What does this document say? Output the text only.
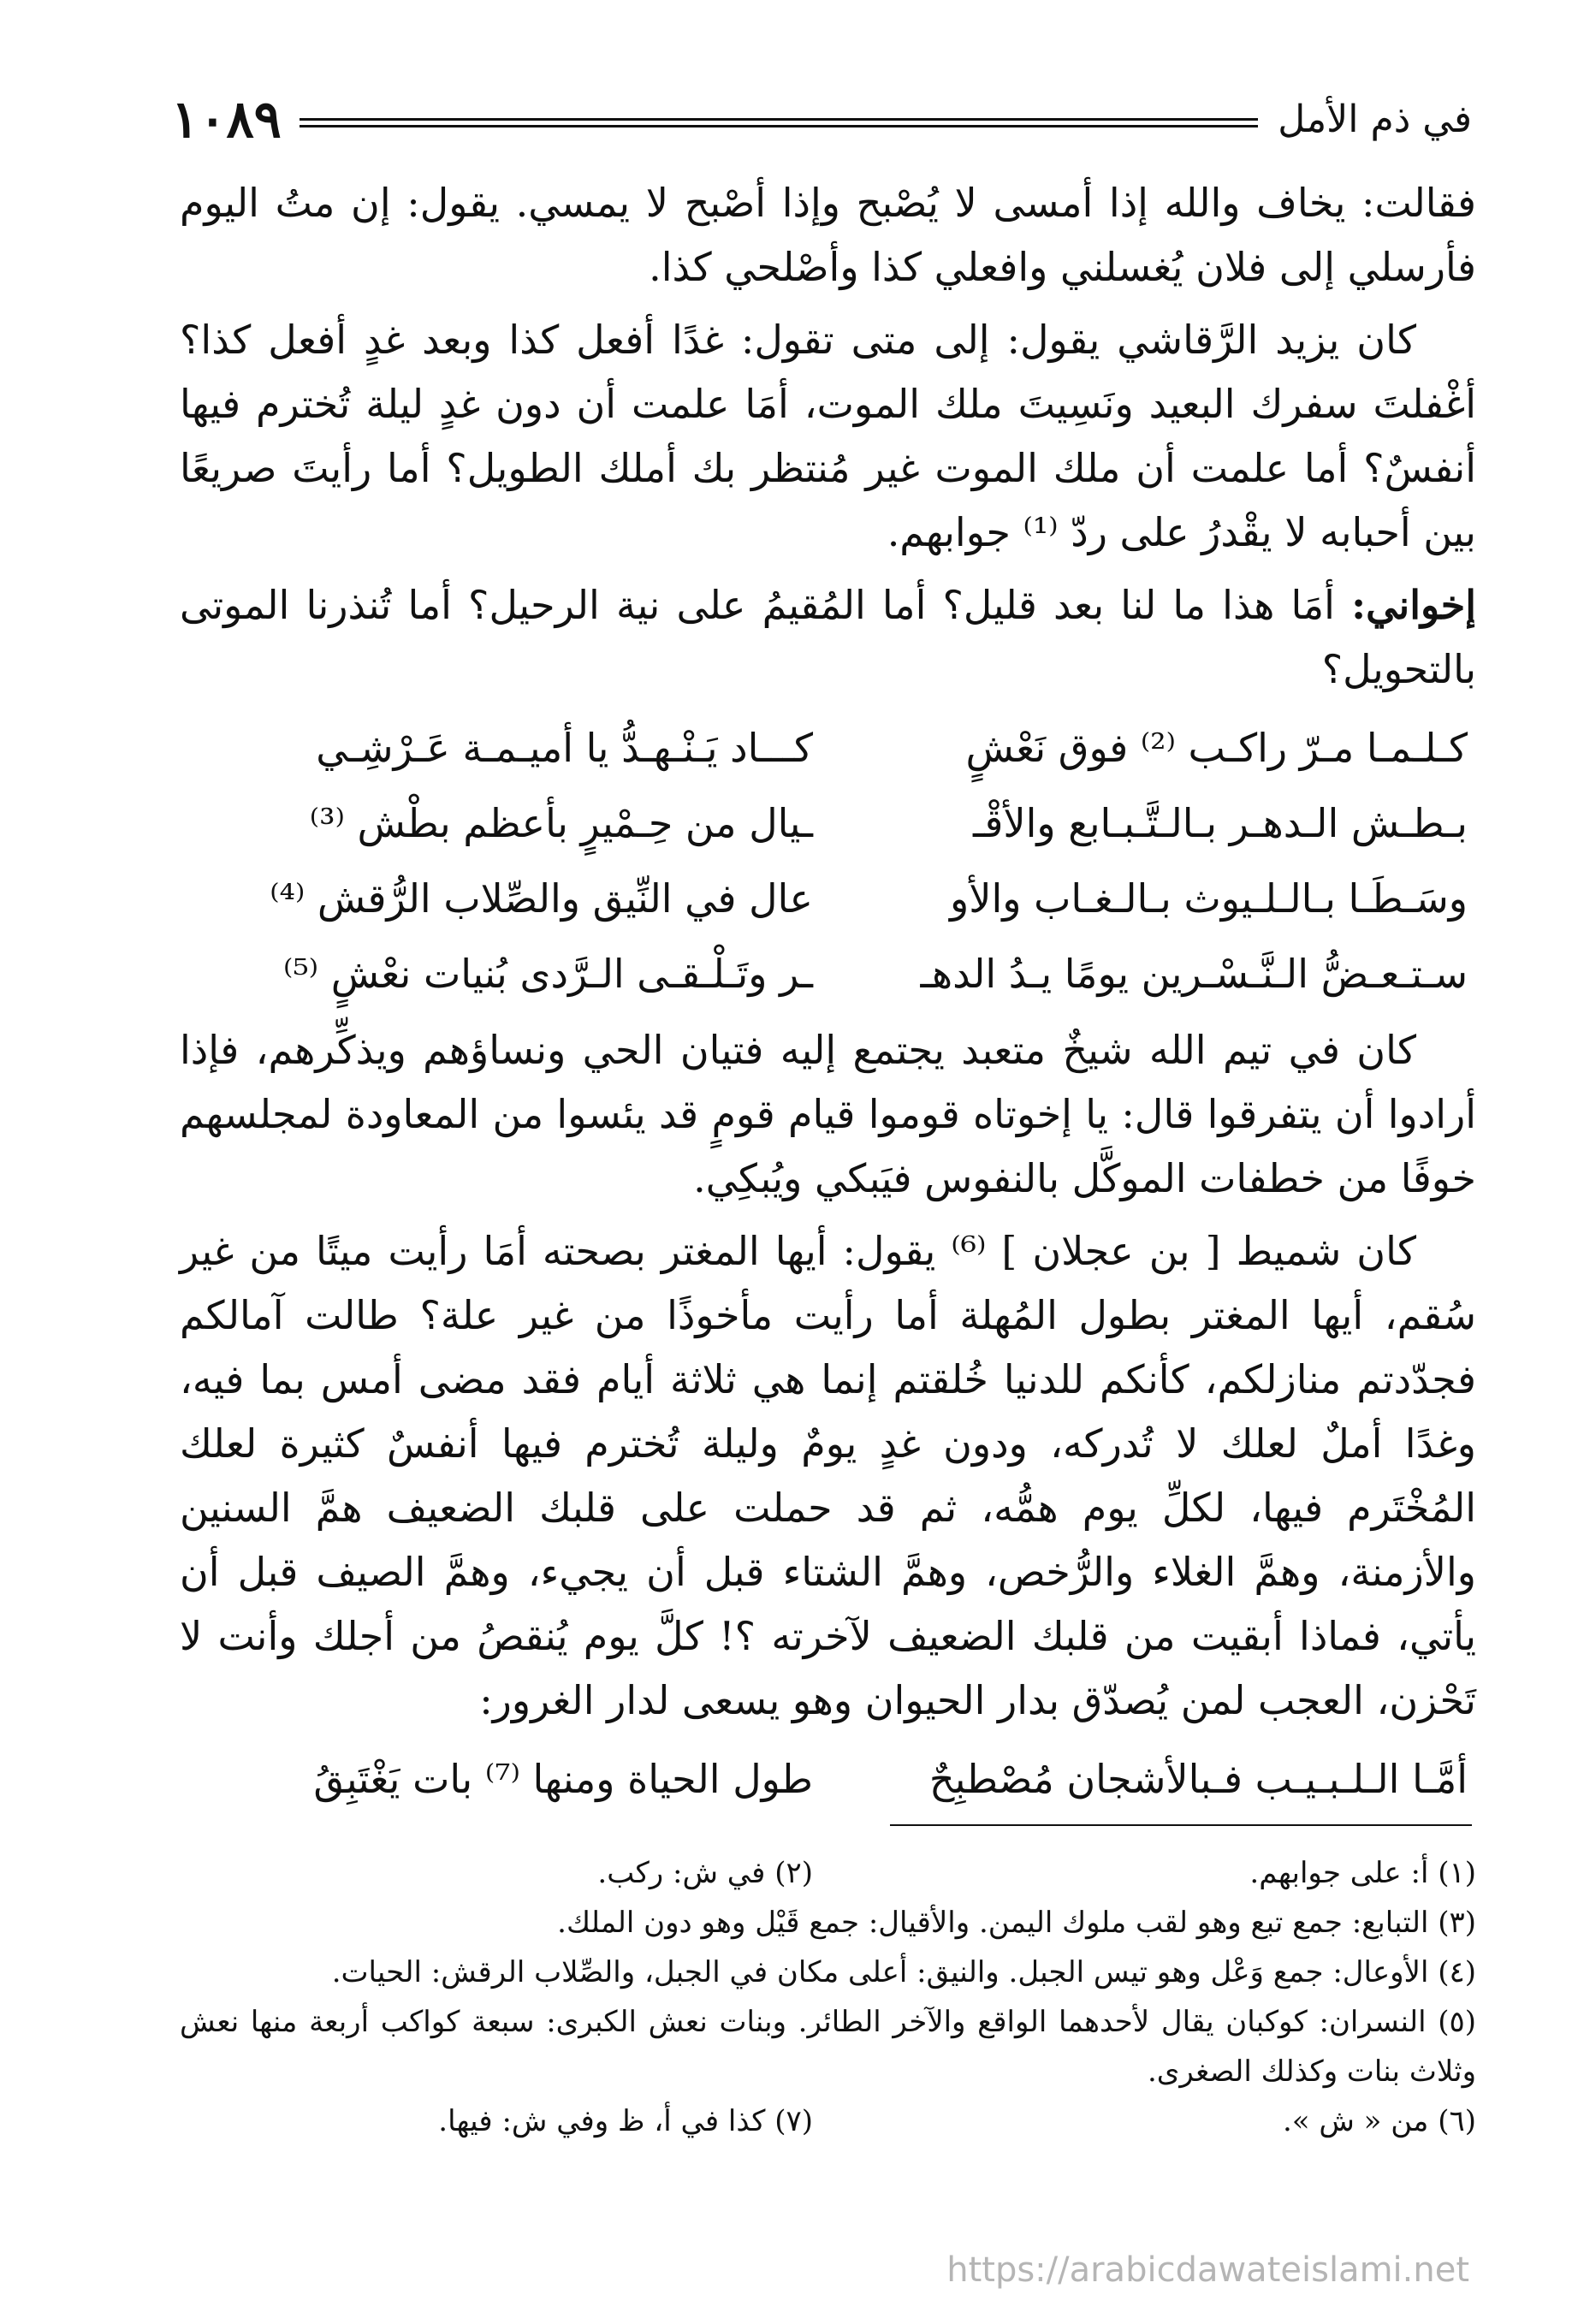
١٠٨٩	في ذم الأمل

فقالت: يخاف والله إذا أمسى لا يُصْبح وإذا أصْبح لا يمسي. يقول: إن متُ اليوم فأرسلي إلى فلان يُغسلني وافعلي كذا وأصْلحي كذا.

كان يزيد الرَّقاشي يقول: إلى متى تقول: غدًا أفعل كذا وبعد غدٍ أفعل كذا؟ أغْفلتَ سفرك البعيد ونَسِيتَ ملك الموت، أمَا علمت أن دون غدٍ ليلة تُخترم فيها أنفسٌ؟ أما علمت أن ملك الموت غير مُنتظر بك أملك الطويل؟ أما رأيتَ صريعًا بين أحبابه لا يقْدرُ على ردّ ⁽¹⁾ جوابهم.

إخواني: أمَا هذا ما لنا بعد قليل؟ أما المُقيمُ على نية الرحيل؟ أما تُنذرنا الموتى بالتحويل؟

كـلـمـا مـرّ راكـب ⁽²⁾ فوق نَعْشٍ
كـــاد يَـنْـهـدُّ يا أميـمـة عَـرْشِـي
بـطـش الـدهـر بـالـتَّـبـابع والأقْـ
ـيال من حِـمْيرٍ بأعظم بطْش ⁽³⁾
وسَـطَـا بـالـلـيوث بـالـغـاب والأو
عال في النِّيق والصِّلاب الرُّقش ⁽⁴⁾
سـتـعـضُّ الـنَّـسْـرين يومًا يـدُ الدهـ
ـر وتَـلْـقـى الـرَّدى بُنيات نعْشٍ ⁽⁵⁾

كان في تيم الله شيخٌ متعبد يجتمع إليه فتيان الحي ونساؤهم ويذكِّرهم، فإذا أرادوا أن يتفرقوا قال: يا إخوتاه قوموا قيام قومٍ قد يئسوا من المعاودة لمجلسهم خوفًا من خطفات الموكَّل بالنفوس فيَبكي ويُبكِي.

كان شميط [ بن عجلان ] ⁽⁶⁾ يقول: أيها المغتر بصحته أمَا رأيت ميتًا من غير سُقم، أيها المغتر بطول المُهلة أما رأيت مأخوذًا من غير علة؟ طالت آمالكم فجدّدتم منازلكم، كأنكم للدنيا خُلقتم إنما هي ثلاثة أيام فقد مضى أمس بما فيه، وغدًا أملٌ لعلك لا تُدركه، ودون غدٍ يومٌ وليلة تُخترم فيها أنفسٌ كثيرة لعلك المُخْتَرم فيها، لكلِّ يوم همُّه، ثم قد حملت على قلبك الضعيف همَّ السنين والأزمنة، وهمَّ الغلاء والرُّخص، وهمَّ الشتاء قبل أن يجيء، وهمَّ الصيف قبل أن يأتي، فماذا أبقيت من قلبك الضعيف لآخرته ؟! كلَّ يوم يُنقصُ من أجلك وأنت لا تَحْزن، العجب لمن يُصدّق بدار الحيوان وهو يسعى لدار الغرور:

أمَّـا الـلـبـيـب فـبالأشجان مُصْطبِحٌ
طول الحياة ومنها ⁽⁷⁾ بات يَغْتَبِقُ
(١) أ: على جوابهم.
(٢) في ش: ركب.
(٣) التبابع: جمع تبع وهو لقب ملوك اليمن. والأقيال: جمع قَيْل وهو دون الملك.
(٤) الأوعال: جمع وَعْل وهو تيس الجبل. والنيق: أعلى مكان في الجبل، والصِّلاب الرقش: الحيات.
(٥) النسران: كوكبان يقال لأحدهما الواقع والآخر الطائر. وبنات نعش الكبرى: سبعة كواكب أربعة منها نعش وثلاث بنات وكذلك الصغرى.
(٦) من « ش ».
(٧) كذا في أ، ظ وفي ش: فيها.
https://arabicdawateislami.net
